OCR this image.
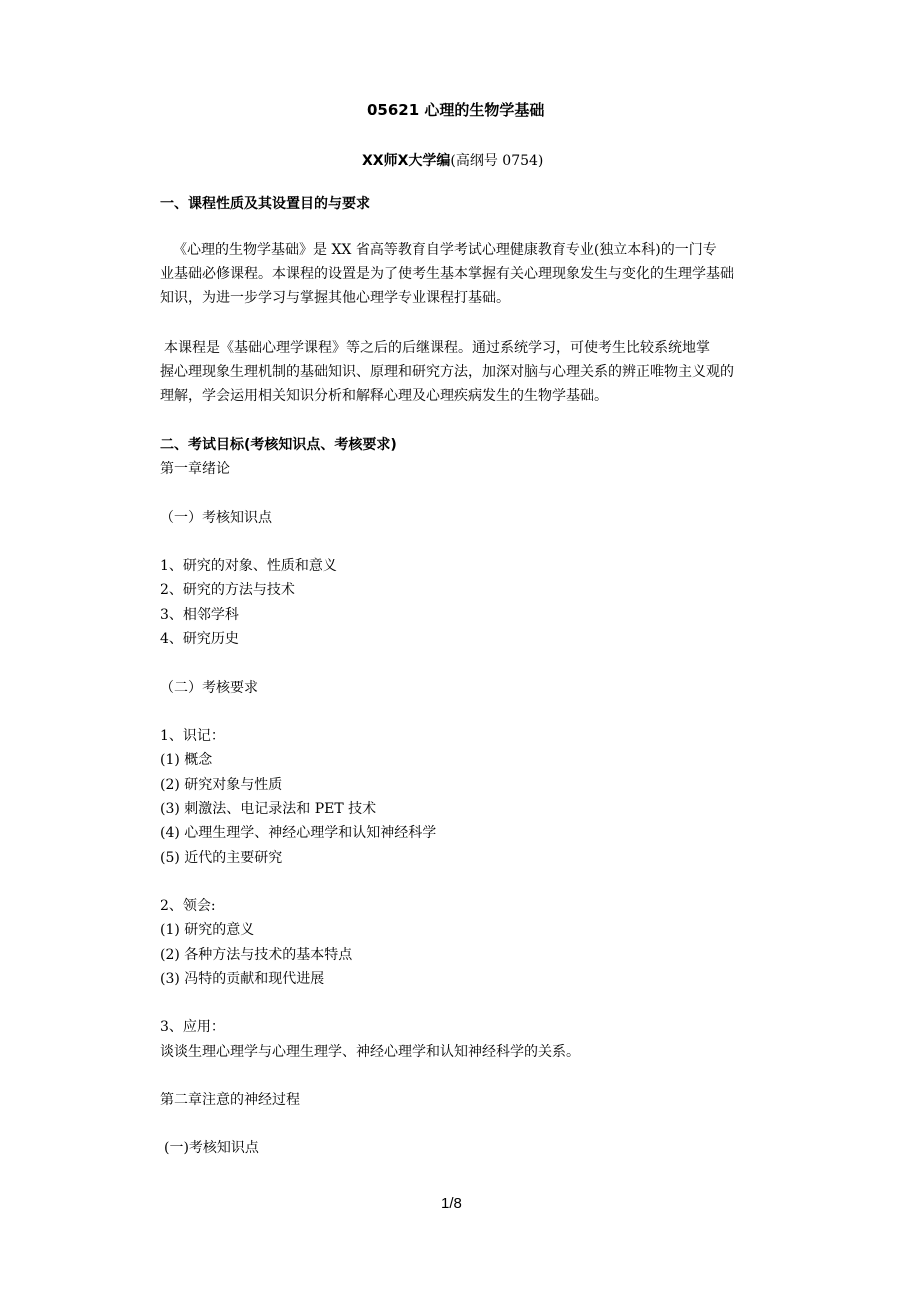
05621 心理的生物学基础
XX师X大学编(高纲号 0754)
一、课程性质及其设置目的与要求
《心理的生物学基础》是 XX 省高等教育自学考试心理健康教育专业(独立本科)的一门专
业基础必修课程。本课程的设置是为了使考生基本掌握有关心理现象发生与变化的生理学基础
知识，为进一步学习与掌握其他心理学专业课程打基础。
本课程是《基础心理学课程》等之后的后继课程。通过系统学习，可使考生比较系统地掌
握心理现象生理机制的基础知识、原理和研究方法，加深对脑与心理关系的辨正唯物主义观的
理解，学会运用相关知识分析和解释心理及心理疾病发生的生物学基础。
二、考试目标(考核知识点、考核要求)
第一章绪论
（一）考核知识点
1、研究的对象、性质和意义
2、研究的方法与技术
3、相邻学科
4、研究历史
（二）考核要求
1、识记：
(1) 概念
(2) 研究对象与性质
(3) 刺激法、电记录法和 PET 技术
(4) 心理生理学、神经心理学和认知神经科学
(5) 近代的主要研究
2、领会:
(1) 研究的意义
(2) 各种方法与技术的基本特点
(3) 冯特的贡献和现代进展
3、应用：
谈谈生理心理学与心理生理学、神经心理学和认知神经科学的关系。
第二章注意的神经过程
(一)考核知识点
1/8
